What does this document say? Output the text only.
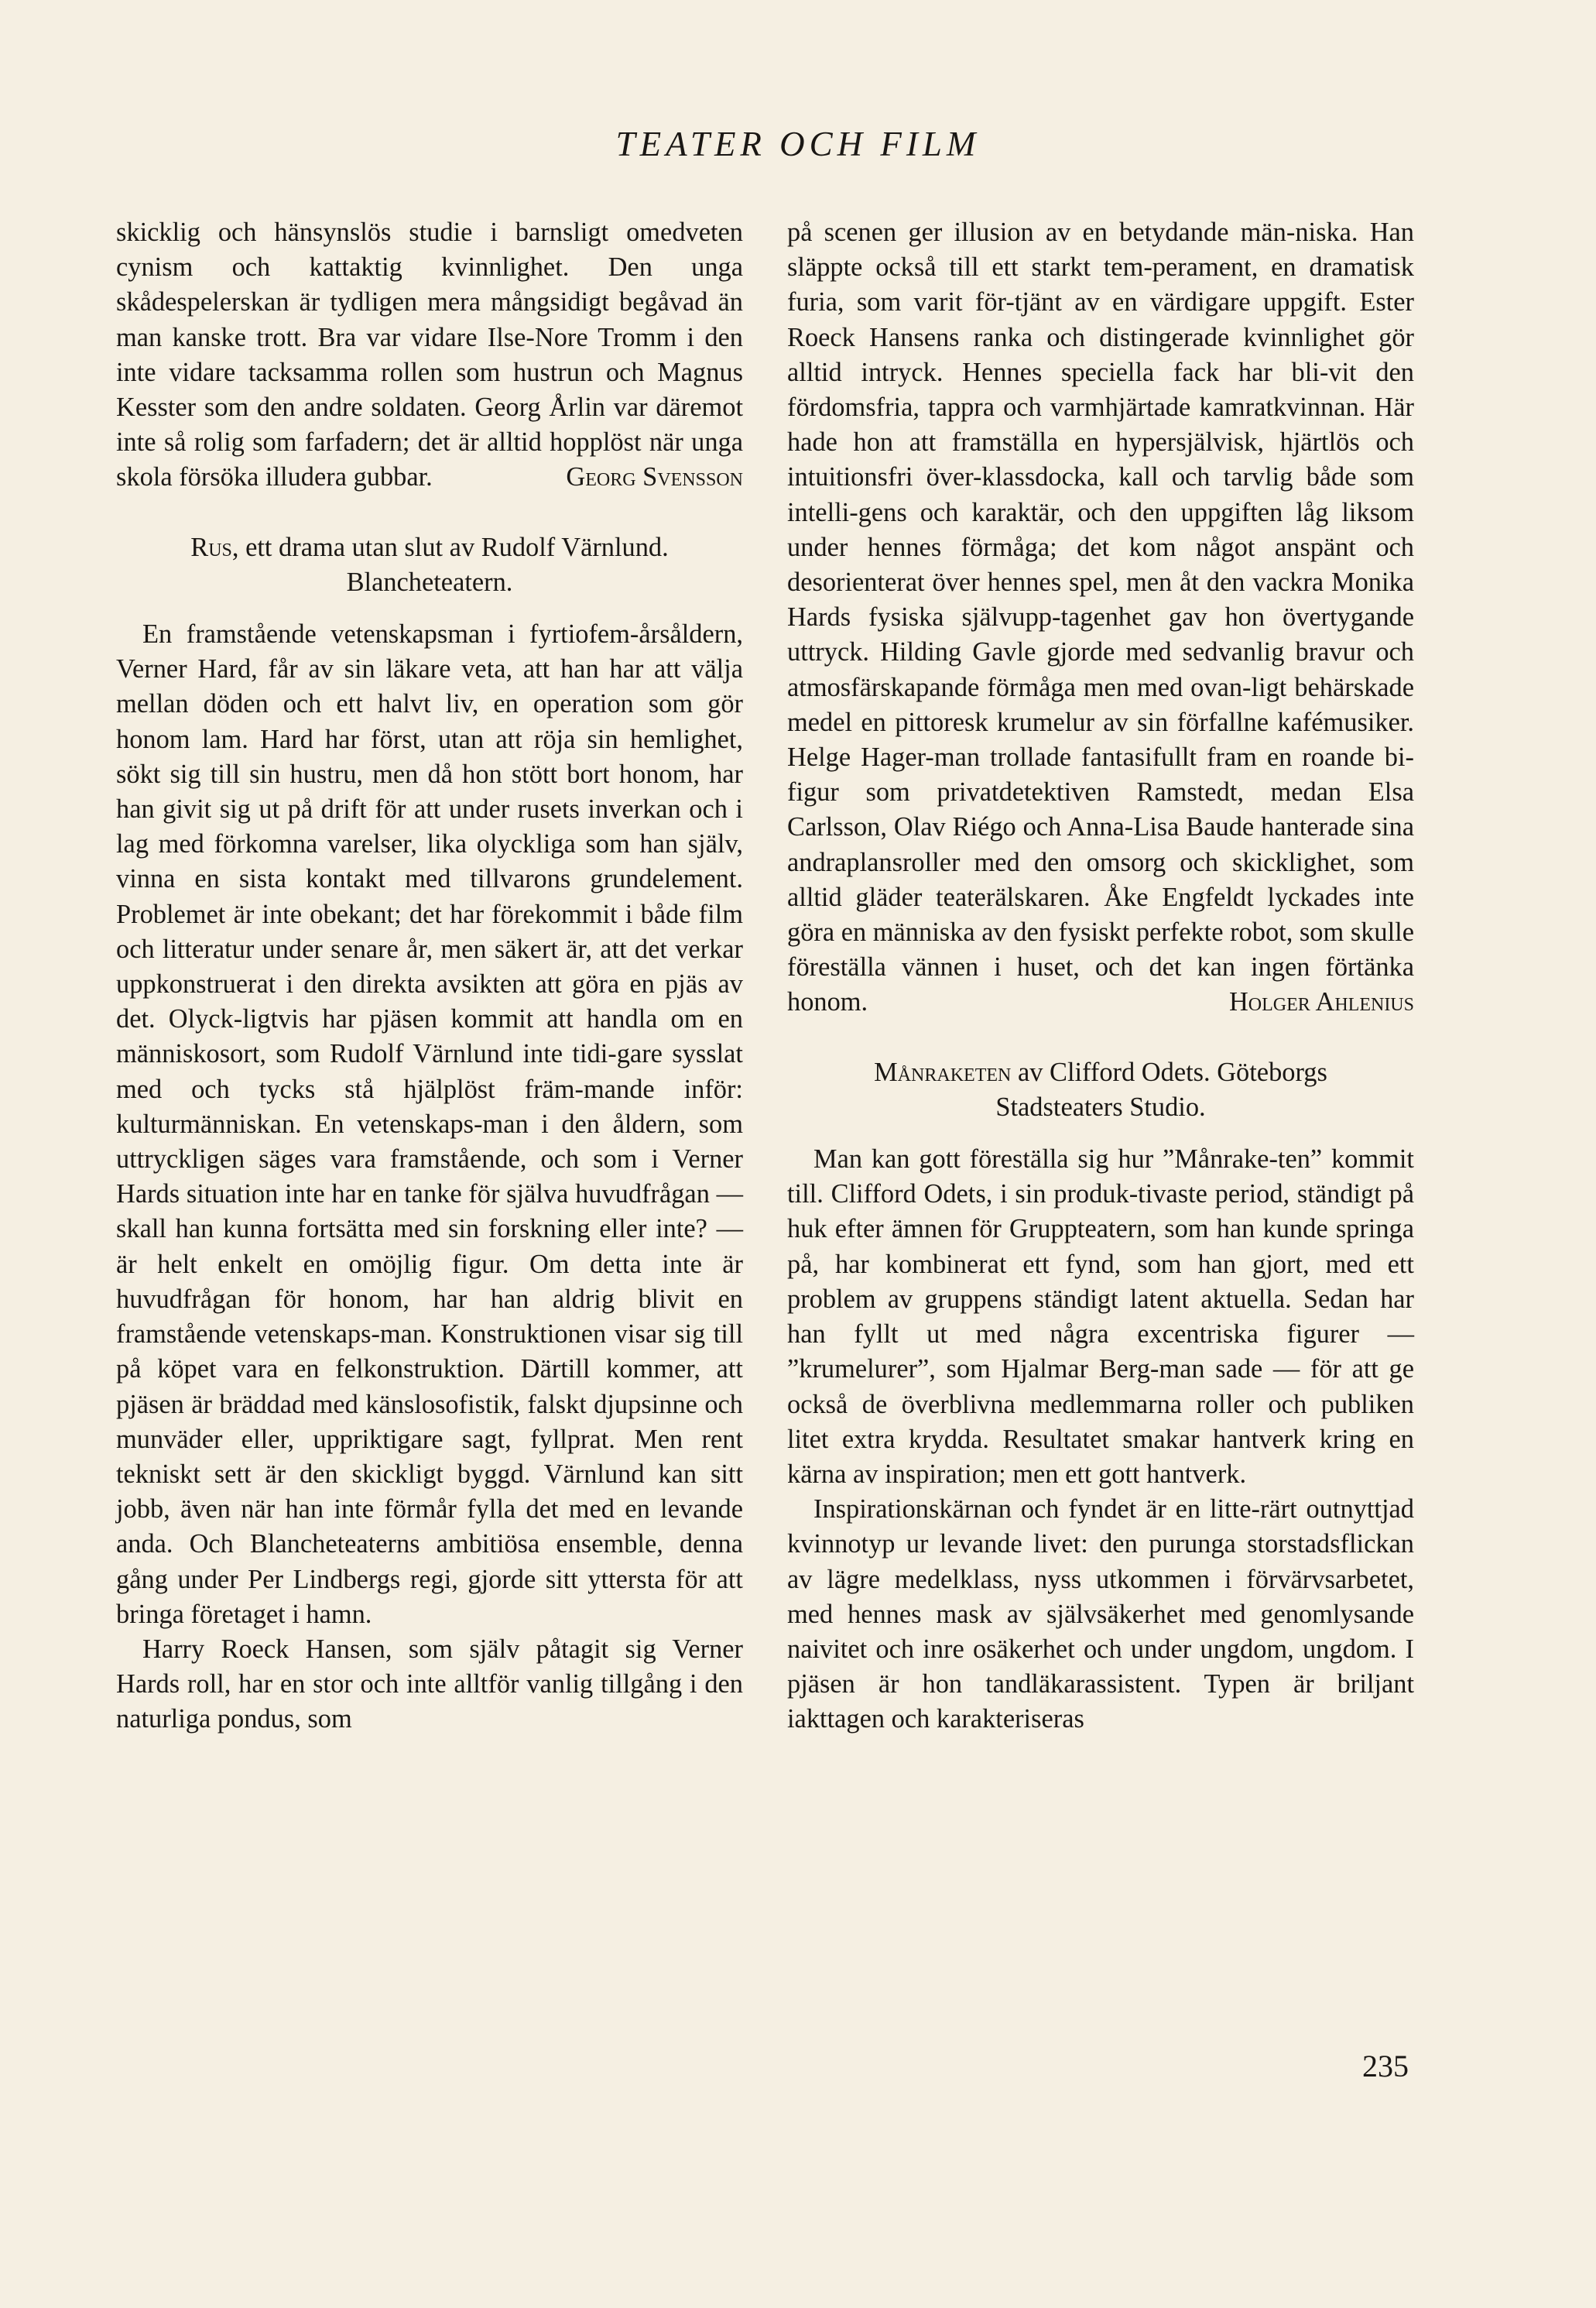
TEATER OCH FILM

skicklig och hänsynslös studie i barnsligt omedveten cynism och kattaktig kvinnlighet. Den unga skådespelerskan är tydligen mera mångsidigt begåvad än man kanske trott. Bra var vidare Ilse-Nore Tromm i den inte vidare tacksamma rollen som hustrun och Magnus Kesster som den andre soldaten. Georg Årlin var däremot inte så rolig som farfadern; det är alltid hopplöst när unga skola försöka illudera gubbar.	Georg Svensson

Rus, ett drama utan slut av Rudolf Värnlund.

Blancheteatern.

En framstående vetenskapsman i fyrtiofem-årsåldern, Verner Hard, får av sin läkare veta, att han har att välja mellan döden och ett halvt liv, en operation som gör honom lam. Hard har först, utan att röja sin hemlighet, sökt sig till sin hustru, men då hon stött bort honom, har han givit sig ut på drift för att under rusets inverkan och i lag med förkomna varelser, lika olyckliga som han själv, vinna en sista kontakt med tillvarons grundelement. Problemet är inte obekant; det har förekommit i både film och litteratur under senare år, men säkert är, att det verkar uppkonstruerat i den direkta avsikten att göra en pjäs av det. Olyck-ligtvis har pjäsen kommit att handla om en människosort, som Rudolf Värnlund inte tidi-gare sysslat med och tycks stå hjälplöst främ-mande inför: kulturmänniskan. En vetenskaps-man i den åldern, som uttryckligen säges vara framstående, och som i Verner Hards situation inte har en tanke för själva huvudfrågan — skall han kunna fortsätta med sin forskning eller inte? — är helt enkelt en omöjlig figur. Om detta inte är huvudfrågan för honom, har han aldrig blivit en framstående vetenskaps-man. Konstruktionen visar sig till på köpet vara en felkonstruktion. Därtill kommer, att pjäsen är bräddad med känslosofistik, falskt djupsinne och munväder eller, uppriktigare sagt, fyllprat. Men rent tekniskt sett är den skickligt byggd. Värnlund kan sitt jobb, även när han inte förmår fylla det med en levande anda. Och Blancheteaterns ambitiösa ensemble, denna gång under Per Lindbergs regi, gjorde sitt yttersta för att bringa företaget i hamn.

Harry Roeck Hansen, som själv påtagit sig Verner Hards roll, har en stor och inte alltför vanlig tillgång i den naturliga pondus, som

på scenen ger illusion av en betydande män-niska. Han släppte också till ett starkt tem-perament, en dramatisk furia, som varit för-tjänt av en värdigare uppgift. Ester Roeck Hansens ranka och distingerade kvinnlighet gör alltid intryck. Hennes speciella fack har bli-vit den fördomsfria, tappra och varmhjärtade kamratkvinnan. Här hade hon att framställa en hypersjälvisk, hjärtlös och intuitionsfri över-klassdocka, kall och tarvlig både som intelli-gens och karaktär, och den uppgiften låg liksom under hennes förmåga; det kom något anspänt och desorienterat över hennes spel, men åt den vackra Monika Hards fysiska självupp-tagenhet gav hon övertygande uttryck. Hilding Gavle gjorde med sedvanlig bravur och atmosfärskapande förmåga men med ovan-ligt behärskade medel en pittoresk krumelur av sin förfallne kafémusiker. Helge Hager-man trollade fantasifullt fram en roande bi-figur som privatdetektiven Ramstedt, medan Elsa Carlsson, Olav Riégo och Anna-Lisa Baude hanterade sina andraplansroller med den omsorg och skicklighet, som alltid gläder teaterälskaren. Åke Engfeldt lyckades inte göra en människa av den fysiskt perfekte robot, som skulle föreställa vännen i huset, och det kan ingen förtänka honom.	Holger Ahlenius

Månraketen av Clifford Odets. Göteborgs

Stadsteaters Studio.

Man kan gott föreställa sig hur ”Månrake-ten” kommit till. Clifford Odets, i sin produk-tivaste period, ständigt på huk efter ämnen för Gruppteatern, som han kunde springa på, har kombinerat ett fynd, som han gjort, med ett problem av gruppens ständigt latent aktuella. Sedan har han fyllt ut med några excentriska figurer — ”krumelurer”, som Hjalmar Berg-man sade — för att ge också de överblivna medlemmarna roller och publiken litet extra krydda. Resultatet smakar hantverk kring en kärna av inspiration; men ett gott hantverk.

Inspirationskärnan och fyndet är en litte-rärt outnyttjad kvinnotyp ur levande livet: den purunga storstadsflickan av lägre medelklass, nyss utkommen i förvärvsarbetet, med hennes mask av självsäkerhet med genomlysande naivitet och inre osäkerhet och under ungdom, ungdom. I pjäsen är hon tandläkarassistent. Typen är briljant iakttagen och karakteriseras

235
